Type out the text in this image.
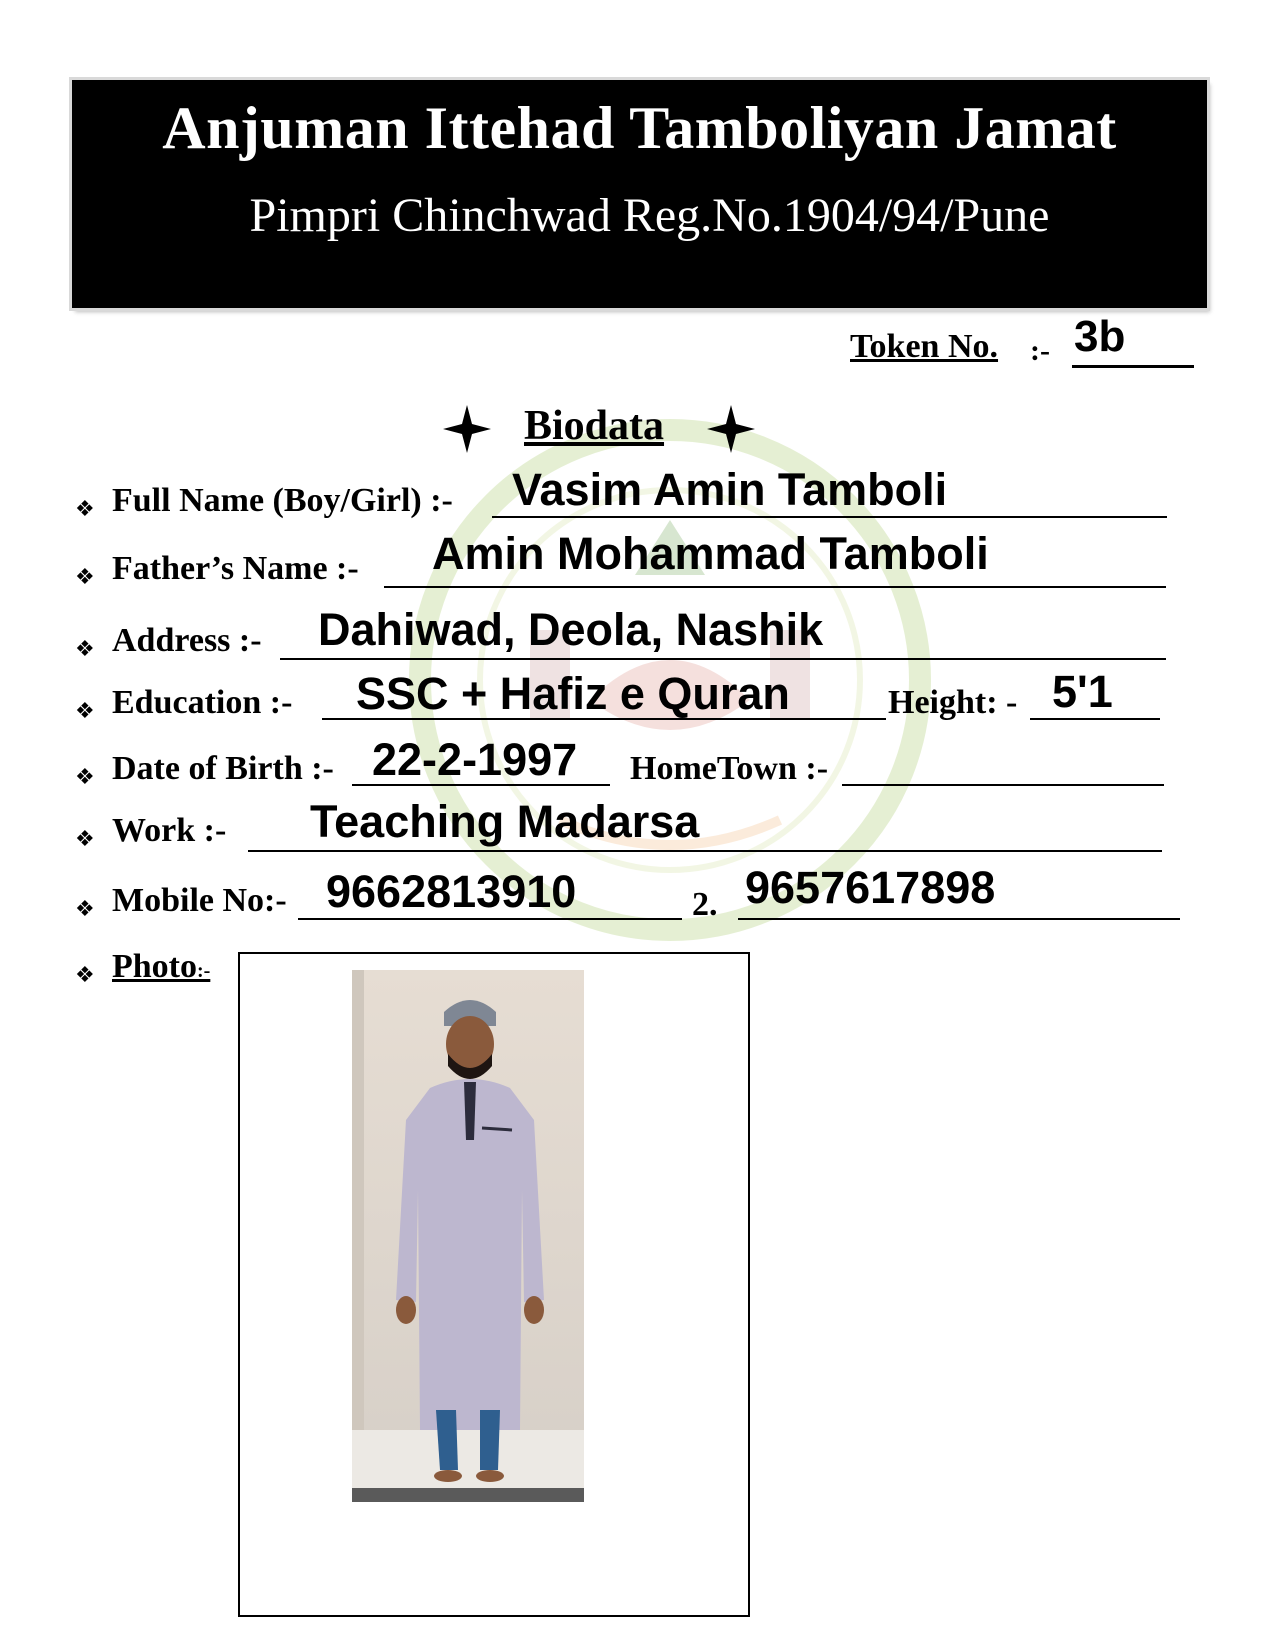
Anjuman Ittehad Tamboliyan Jamat
Pimpri Chinchwad Reg.No.1904/94/Pune
Token No. :- 3b
Biodata
❖ Full Name (Boy/Girl) :- Vasim Amin Tamboli
❖ Father’s Name :- Amin Mohammad Tamboli
❖ Address :- Dahiwad, Deola, Nashik
❖ Education :- SSC + Hafiz e Quran	Height: - 5'1
❖ Date of Birth :- 22-2-1997 HomeTown :-
❖ Work :- Teaching Madarsa
❖ Mobile No:- 9662813910	2. 9657617898
❖ Photo:-
